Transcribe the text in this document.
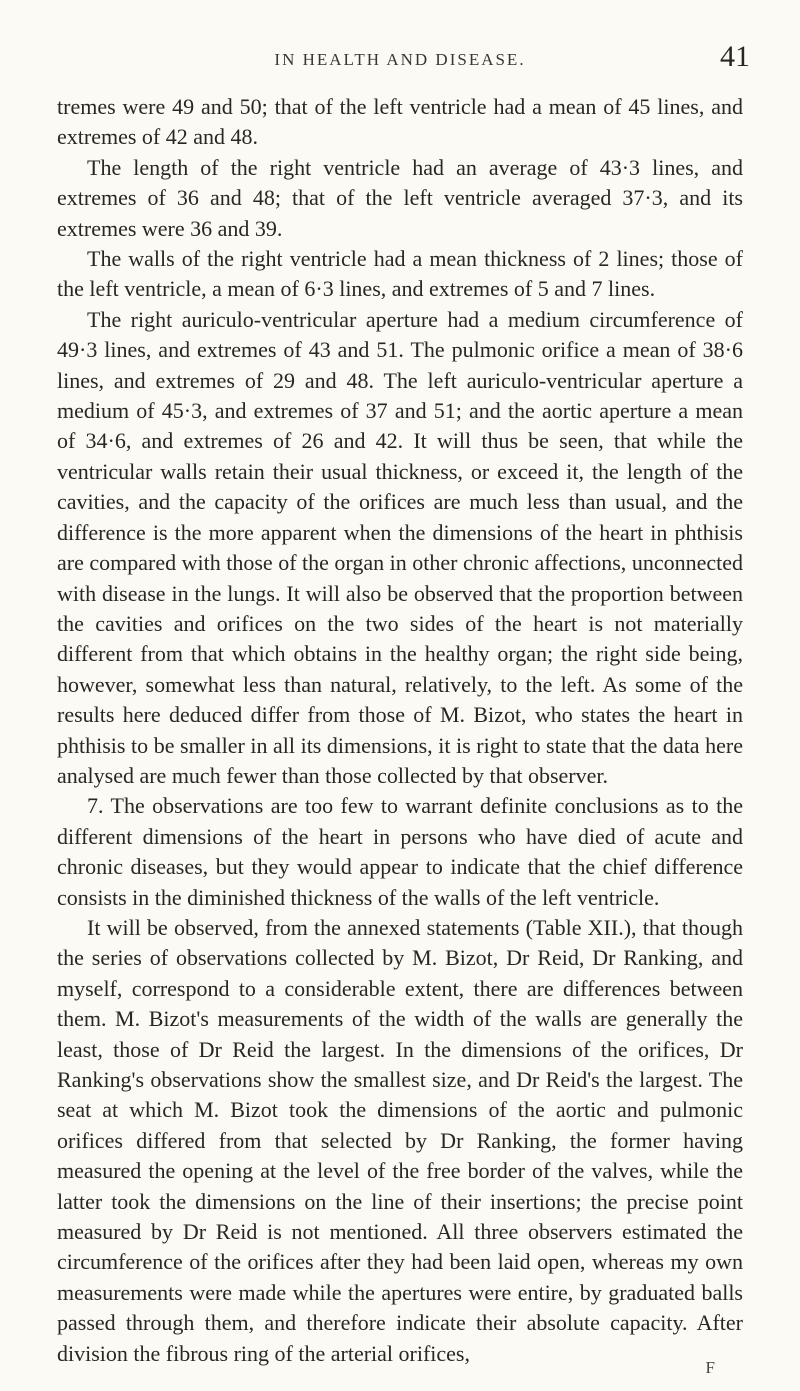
IN HEALTH AND DISEASE.	41

tremes were 49 and 50; that of the left ventricle had a mean of 45 lines, and extremes of 42 and 48.

The length of the right ventricle had an average of 43·3 lines, and extremes of 36 and 48; that of the left ventricle averaged 37·3, and its extremes were 36 and 39.

The walls of the right ventricle had a mean thickness of 2 lines; those of the left ventricle, a mean of 6·3 lines, and extremes of 5 and 7 lines.

The right auriculo-ventricular aperture had a medium circumference of 49·3 lines, and extremes of 43 and 51. The pulmonic orifice a mean of 38·6 lines, and extremes of 29 and 48. The left auriculo-ventricular aperture a medium of 45·3, and extremes of 37 and 51; and the aortic aperture a mean of 34·6, and extremes of 26 and 42. It will thus be seen, that while the ventricular walls retain their usual thickness, or exceed it, the length of the cavities, and the capacity of the orifices are much less than usual, and the difference is the more apparent when the dimensions of the heart in phthisis are compared with those of the organ in other chronic affections, unconnected with disease in the lungs. It will also be observed that the proportion between the cavities and orifices on the two sides of the heart is not materially different from that which obtains in the healthy organ; the right side being, however, somewhat less than natural, relatively, to the left. As some of the results here deduced differ from those of M. Bizot, who states the heart in phthisis to be smaller in all its dimensions, it is right to state that the data here analysed are much fewer than those collected by that observer.

7. The observations are too few to warrant definite conclusions as to the different dimensions of the heart in persons who have died of acute and chronic diseases, but they would appear to indicate that the chief difference consists in the diminished thickness of the walls of the left ventricle.

It will be observed, from the annexed statements (Table XII.), that though the series of observations collected by M. Bizot, Dr Reid, Dr Ranking, and myself, correspond to a considerable extent, there are differences between them. M. Bizot's measurements of the width of the walls are generally the least, those of Dr Reid the largest. In the dimensions of the orifices, Dr Ranking's observations show the smallest size, and Dr Reid's the largest. The seat at which M. Bizot took the dimensions of the aortic and pulmonic orifices differed from that selected by Dr Ranking, the former having measured the opening at the level of the free border of the valves, while the latter took the dimensions on the line of their insertions; the precise point measured by Dr Reid is not mentioned. All three observers estimated the circumference of the orifices after they had been laid open, whereas my own measurements were made while the apertures were entire, by graduated balls passed through them, and therefore indicate their absolute capacity. After division the fibrous ring of the arterial orifices,

F
